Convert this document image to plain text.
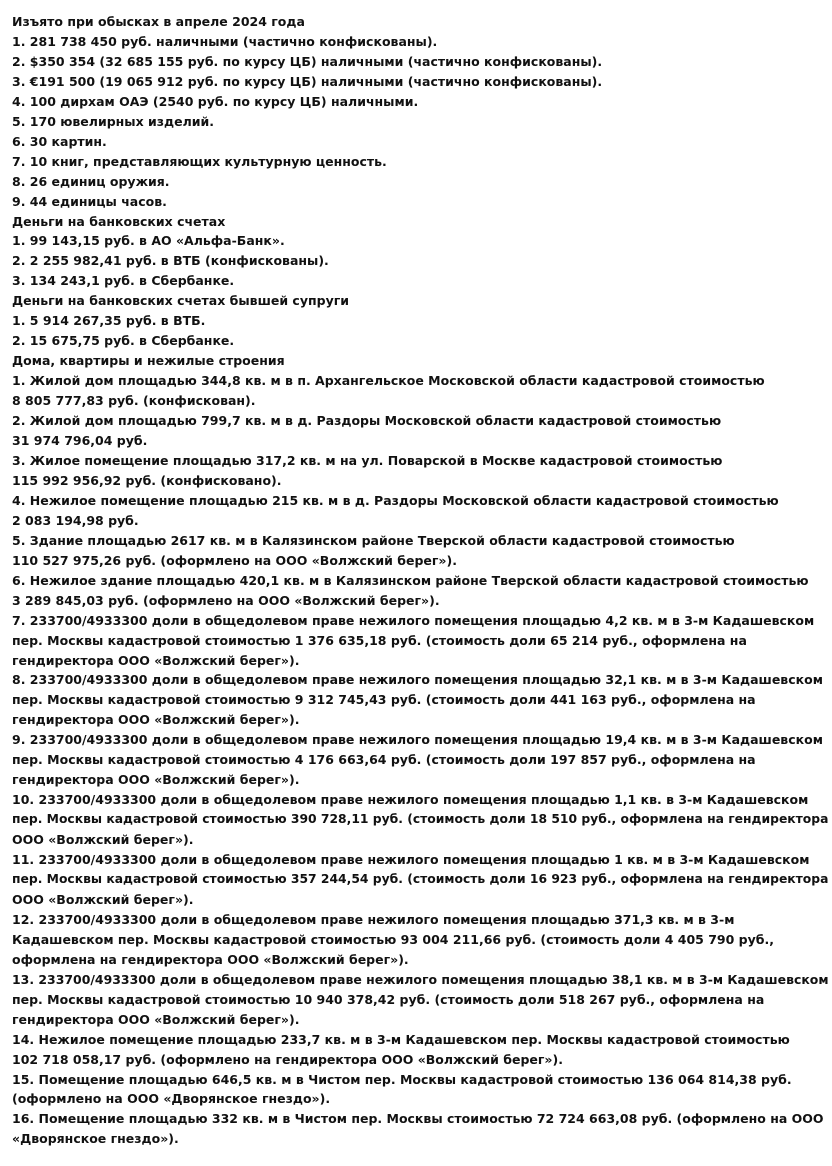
Изъято при обысках в апреле 2024 года
1. 281 738 450 руб. наличными (частично конфискованы).
2. $350 354 (32 685 155 руб. по курсу ЦБ) наличными (частично конфискованы).
3. €191 500 (19 065 912 руб. по курсу ЦБ) наличными (частично конфискованы).
4. 100 дирхам ОАЭ (2540 руб. по курсу ЦБ) наличными.
5. 170 ювелирных изделий.
6. 30 картин.
7. 10 книг, представляющих культурную ценность.
8. 26 единиц оружия.
9. 44 единицы часов.
Деньги на банковских счетах
1. 99 143,15 руб. в АО «Альфа-Банк».
2. 2 255 982,41 руб. в ВТБ (конфискованы).
3. 134 243,1 руб. в Сбербанке.
Деньги на банковских счетах бывшей супруги
1. 5 914 267,35 руб. в ВТБ.
2. 15 675,75 руб. в Сбербанке.
Дома, квартиры и нежилые строения
1. Жилой дом площадью 344,8 кв. м в п. Архангельское Московской области кадастровой стоимостью
8 805 777,83 руб. (конфискован).
2. Жилой дом площадью 799,7 кв. м в д. Раздоры Московской области кадастровой стоимостью
31 974 796,04 руб.
3. Жилое помещение площадью 317,2 кв. м на ул. Поварской в Москве кадастровой стоимостью
115 992 956,92 руб. (конфисковано).
4. Нежилое помещение площадью 215 кв. м в д. Раздоры Московской области кадастровой стоимостью
2 083 194,98 руб.
5. Здание площадью 2617 кв. м в Калязинском районе Тверской области кадастровой стоимостью
110 527 975,26 руб. (оформлено на ООО «Волжский берег»).
6. Нежилое здание площадью 420,1 кв. м в Калязинском районе Тверской области кадастровой стоимостью
3 289 845,03 руб. (оформлено на ООО «Волжский берег»).
7. 233700/4933300 доли в общедолевом праве нежилого помещения площадью 4,2 кв. м в 3-м Кадашевском
пер. Москвы кадастровой стоимостью 1 376 635,18 руб. (стоимость доли 65 214 руб., оформлена на
гендиректора ООО «Волжский берег»).
8. 233700/4933300 доли в общедолевом праве нежилого помещения площадью 32,1 кв. м в 3-м Кадашевском
пер. Москвы кадастровой стоимостью 9 312 745,43 руб. (стоимость доли 441 163 руб., оформлена на
гендиректора ООО «Волжский берег»).
9. 233700/4933300 доли в общедолевом праве нежилого помещения площадью 19,4 кв. м в 3-м Кадашевском
пер. Москвы кадастровой стоимостью 4 176 663,64 руб. (стоимость доли 197 857 руб., оформлена на
гендиректора ООО «Волжский берег»).
10. 233700/4933300 доли в общедолевом праве нежилого помещения площадью 1,1 кв. в 3-м Кадашевском
пер. Москвы кадастровой стоимостью 390 728,11 руб. (стоимость доли 18 510 руб., оформлена на гендиректора
ООО «Волжский берег»).
11. 233700/4933300 доли в общедолевом праве нежилого помещения площадью 1 кв. м в 3-м Кадашевском
пер. Москвы кадастровой стоимостью 357 244,54 руб. (стоимость доли 16 923 руб., оформлена на гендиректора
ООО «Волжский берег»).
12. 233700/4933300 доли в общедолевом праве нежилого помещения площадью 371,3 кв. м в 3-м
Кадашевском пер. Москвы кадастровой стоимостью 93 004 211,66 руб. (стоимость доли 4 405 790 руб.,
оформлена на гендиректора ООО «Волжский берег»).
13. 233700/4933300 доли в общедолевом праве нежилого помещения площадью 38,1 кв. м в 3-м Кадашевском
пер. Москвы кадастровой стоимостью 10 940 378,42 руб. (стоимость доли 518 267 руб., оформлена на
гендиректора ООО «Волжский берег»).
14. Нежилое помещение площадью 233,7 кв. м в 3-м Кадашевском пер. Москвы кадастровой стоимостью
102 718 058,17 руб. (оформлено на гендиректора ООО «Волжский берег»).
15. Помещение площадью 646,5 кв. м в Чистом пер. Москвы кадастровой стоимостью 136 064 814,38 руб.
(оформлено на ООО «Дворянское гнездо»).
16. Помещение площадью 332 кв. м в Чистом пер. Москвы стоимостью 72 724 663,08 руб. (оформлено на ООО
«Дворянское гнездо»).
